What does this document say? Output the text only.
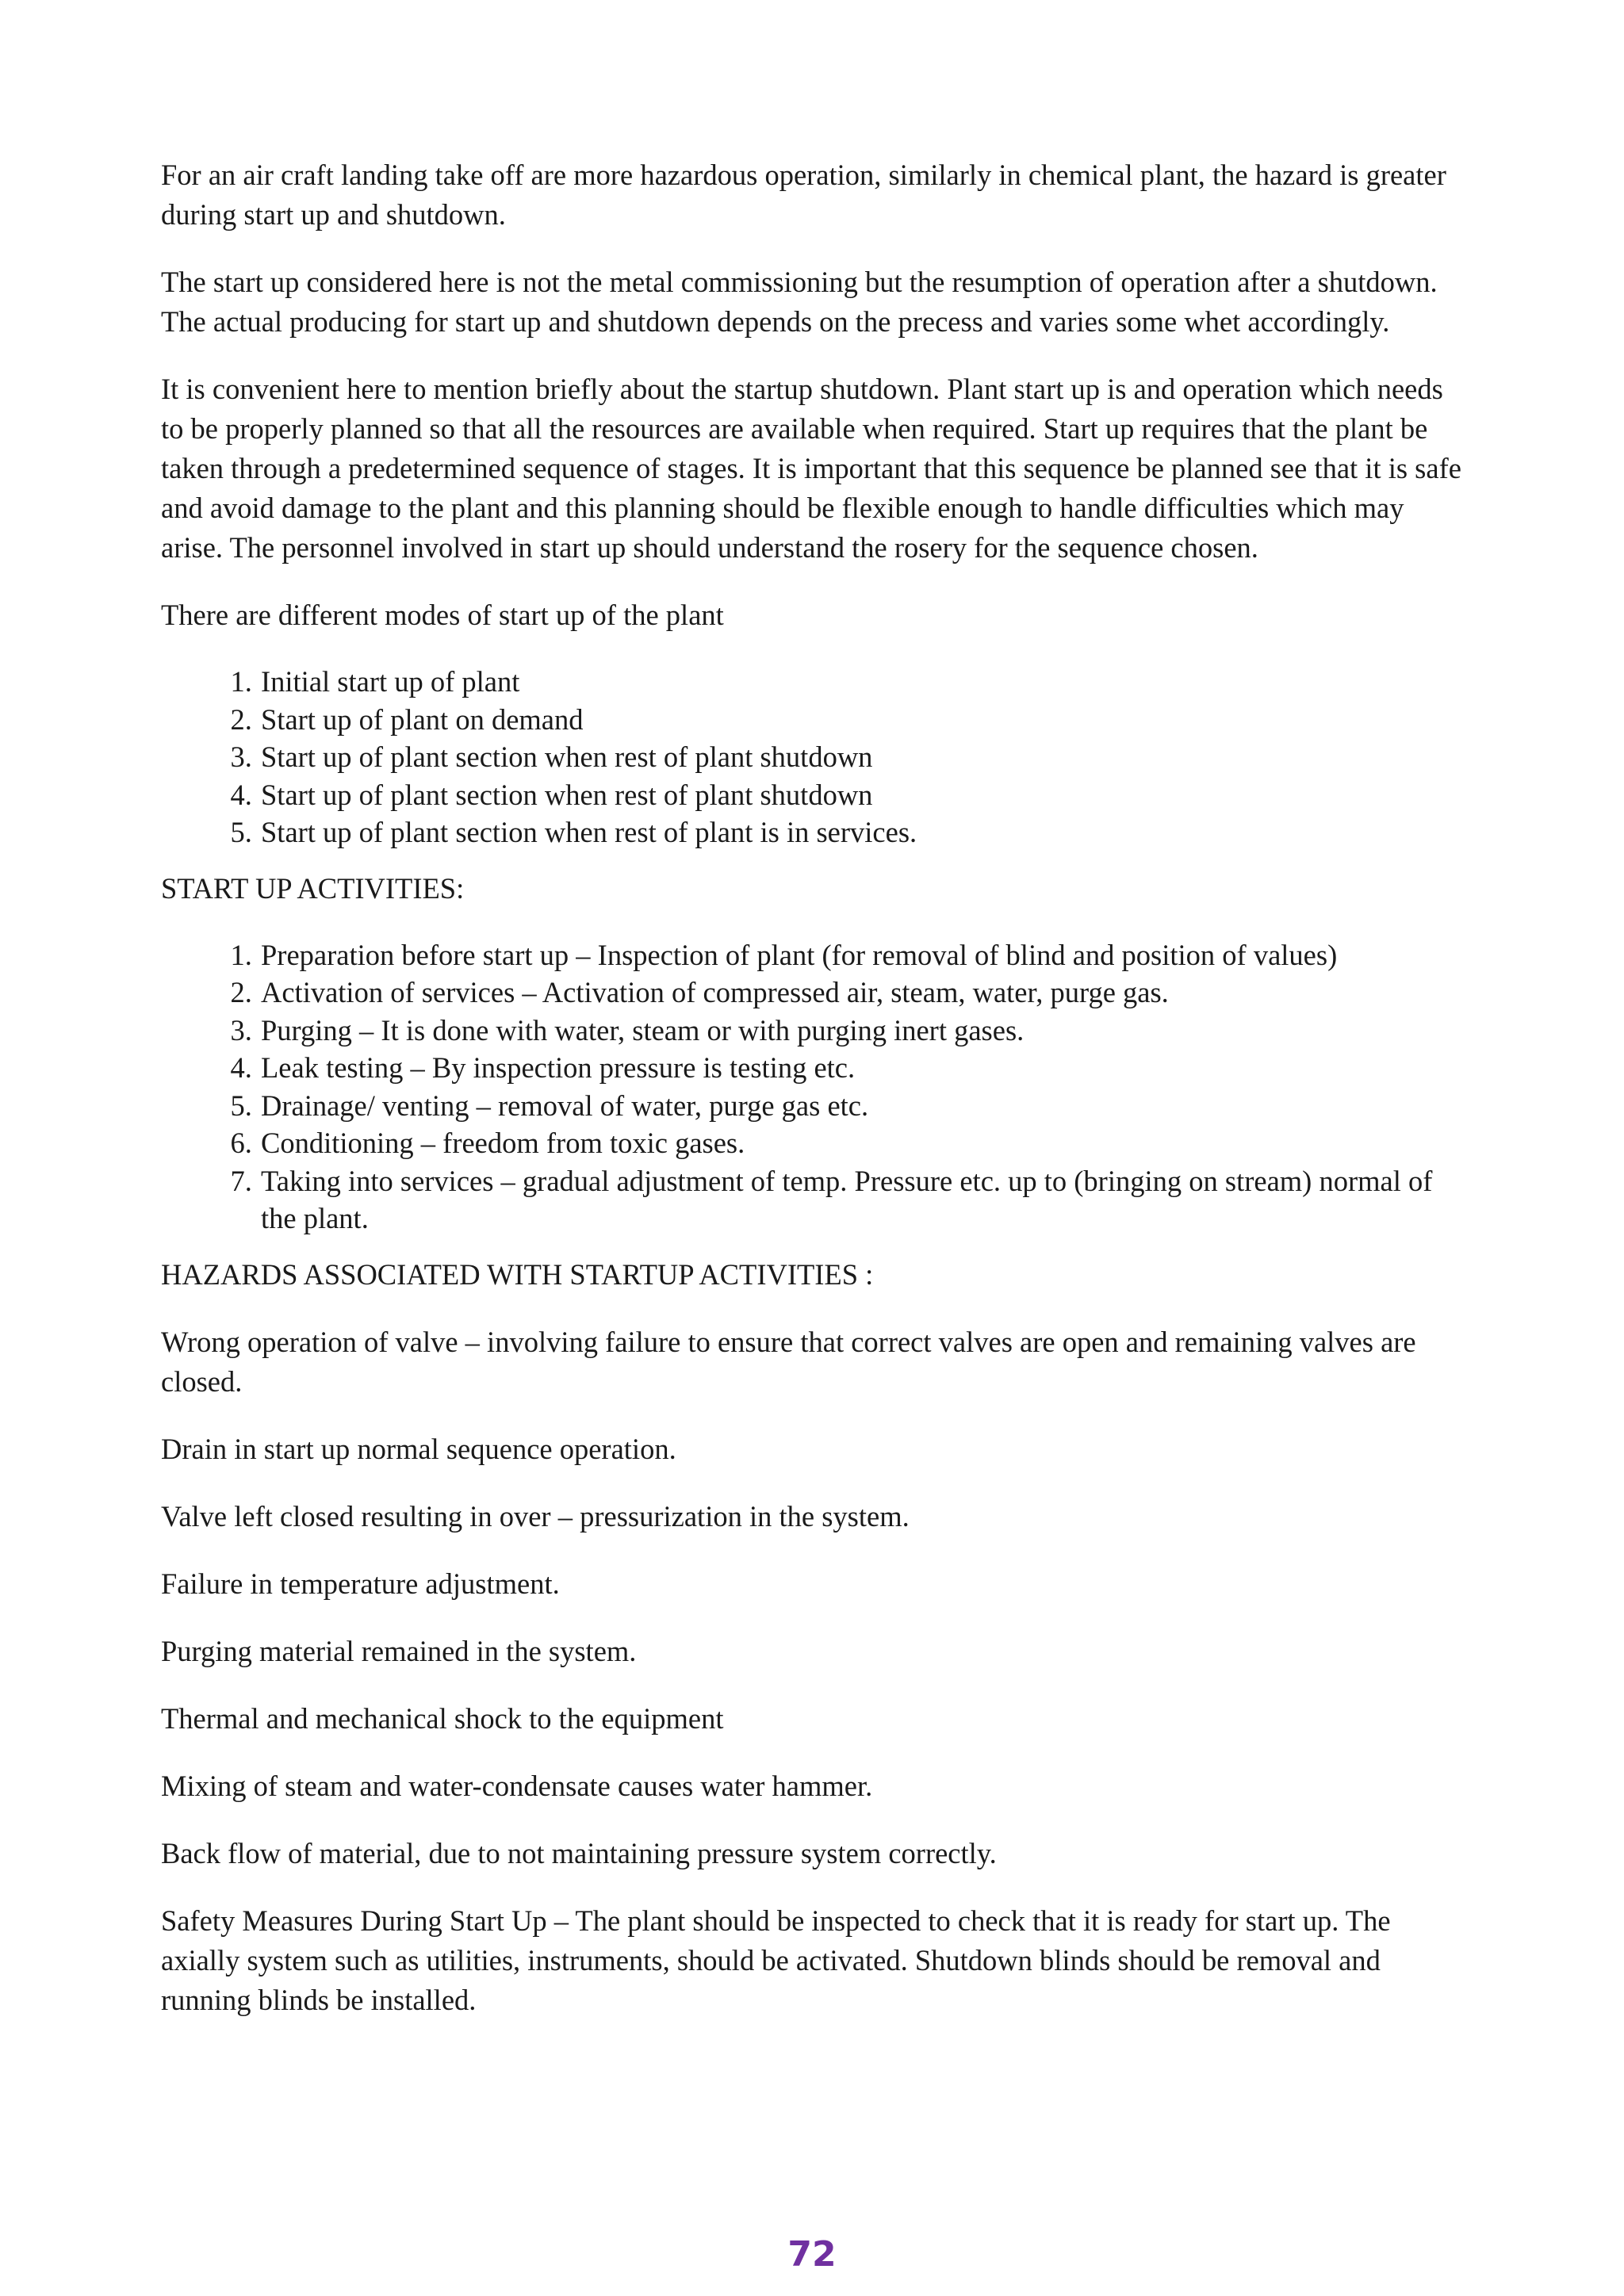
For an air craft landing take off are more hazardous operation, similarly in chemical plant, the hazard is greater during start up and shutdown.

The start up considered here is not the metal commissioning but the resumption of operation after a shutdown. The actual producing for start up and shutdown depends on the precess and varies some whet accordingly.

It is convenient here to mention briefly about the startup shutdown. Plant start up is and operation which needs to be properly planned so that all the resources are available when required. Start up requires that the plant be taken through a predetermined sequence of stages. It is important that this sequence be planned see that it is safe and avoid damage to the plant and this planning should be flexible enough to handle difficulties which may arise. The personnel involved in start up should understand the rosery for the sequence chosen.

There are different modes of start up of the plant

1. Initial start up of plant
2. Start up of plant on demand
3. Start up of plant section when rest of plant shutdown
4. Start up of plant section when rest of plant shutdown
5. Start up of plant section when rest of plant is in services.

START UP ACTIVITIES:

1. Preparation before start up – Inspection of plant (for removal of blind and position of values)
2. Activation of services – Activation of compressed air, steam, water, purge gas.
3. Purging – It is done with water, steam or with purging inert gases.
4. Leak testing – By inspection pressure is testing etc.
5. Drainage/ venting – removal of water, purge gas etc.
6. Conditioning – freedom from toxic gases.
7. Taking into services – gradual adjustment of temp. Pressure etc. up to (bringing on stream) normal of the plant.

HAZARDS ASSOCIATED WITH STARTUP ACTIVITIES :

Wrong operation of valve – involving failure to ensure that correct valves are open and remaining valves are closed.

Drain in start up normal sequence operation.

Valve left closed resulting in over – pressurization in the system.

Failure in temperature adjustment.

Purging material remained in the system.

Thermal and mechanical shock to the equipment

Mixing of steam and water-condensate causes water hammer.

Back flow of material, due to not maintaining pressure system correctly.

Safety Measures During Start Up – The plant should be inspected to check that it is ready for start up. The axially system such as utilities, instruments, should be activated. Shutdown blinds should be removal and running blinds be installed.

72
